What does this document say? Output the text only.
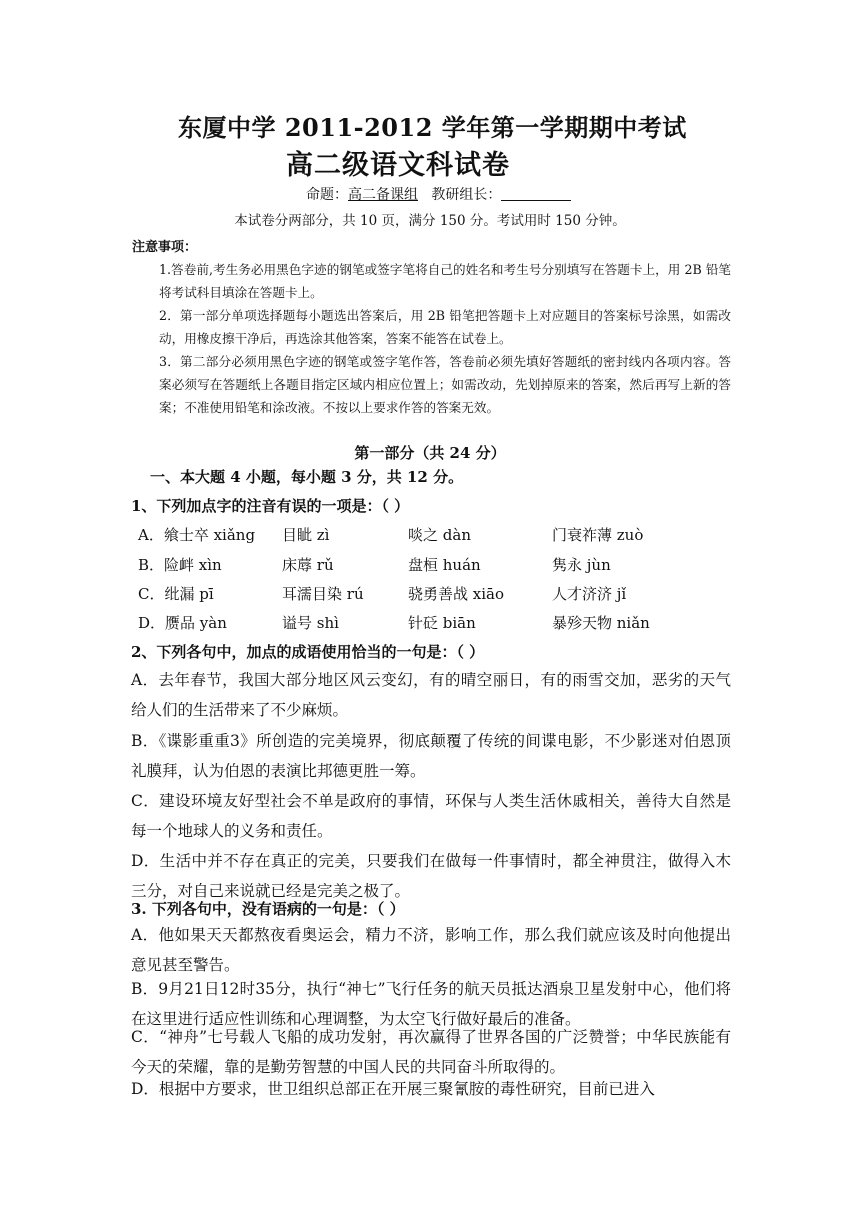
东厦中学 2011-2012 学年第一学期期中考试
高二级语文科试卷
命题：高二备课组 教研组长：
本试卷分两部分，共 10 页，满分 150 分。考试用时 150 分钟。
注意事项：
1.答卷前,考生务必用黑色字迹的钢笔或签字笔将自己的姓名和考生号分别填写在答题卡上，用 2B 铅笔将考试科目填涂在答题卡上。
2．第一部分单项选择题每小题选出答案后，用 2B 铅笔把答题卡上对应题目的答案标号涂黑，如需改动，用橡皮擦干净后，再选涂其他答案，答案不能答在试卷上。
3．第二部分必须用黑色字迹的钢笔或签字笔作答，答卷前必须先填好答题纸的密封线内各项内容。答案必须写在答题纸上各题目指定区域内相应位置上；如需改动，先划掉原来的答案，然后再写上新的答案；不准使用铅笔和涂改液。不按以上要求作答的答案无效。
第一部分（共 24 分）
一、本大题 4 小题，每小题 3 分，共 12 分。
1、下列加点字的注音有误的一项是：（ ）
A．飨士卒 xiǎng 目眦 zì	啖之 dàn	门衰祚薄 zuò
B．险衅 xìn	床蓐 rǔ	盘桓 huán	隽永 jùn
C．纰漏 pī	耳濡目染 rú	骁勇善战 xiāo	人才济济 jǐ
D．赝品 yàn	谥号 shì	针砭 biān	暴殄天物 niǎn
2、下列各句中，加点的成语使用恰当的一句是：（ ）
A．去年春节，我国大部分地区风云变幻，有的晴空丽日，有的雨雪交加，恶劣的天气给人们的生活带来了不少麻烦。
B．《谍影重重3》所创造的完美境界，彻底颠覆了传统的间谍电影，不少影迷对伯恩顶礼膜拜，认为伯恩的表演比邦德更胜一筹。
C．建设环境友好型社会不单是政府的事情，环保与人类生活休戚相关，善待大自然是每一个地球人的义务和责任。
D．生活中并不存在真正的完美，只要我们在做每一件事情时，都全神贯注，做得入木三分，对自己来说就已经是完美之极了。
3. 下列各句中，没有语病的一句是：（ ）
A．他如果天天都熬夜看奥运会，精力不济，影响工作，那么我们就应该及时向他提出意见甚至警告。
B．9月21日12时35分，执行“神七”飞行任务的航天员抵达酒泉卫星发射中心，他们将在这里进行适应性训练和心理调整，为太空飞行做好最后的准备。
C．“神舟”七号载人飞船的成功发射，再次赢得了世界各国的广泛赞誉；中华民族能有今天的荣耀，靠的是勤劳智慧的中国人民的共同奋斗所取得的。
D．根据中方要求，世卫组织总部正在开展三聚氰胺的毒性研究，目前已进入
